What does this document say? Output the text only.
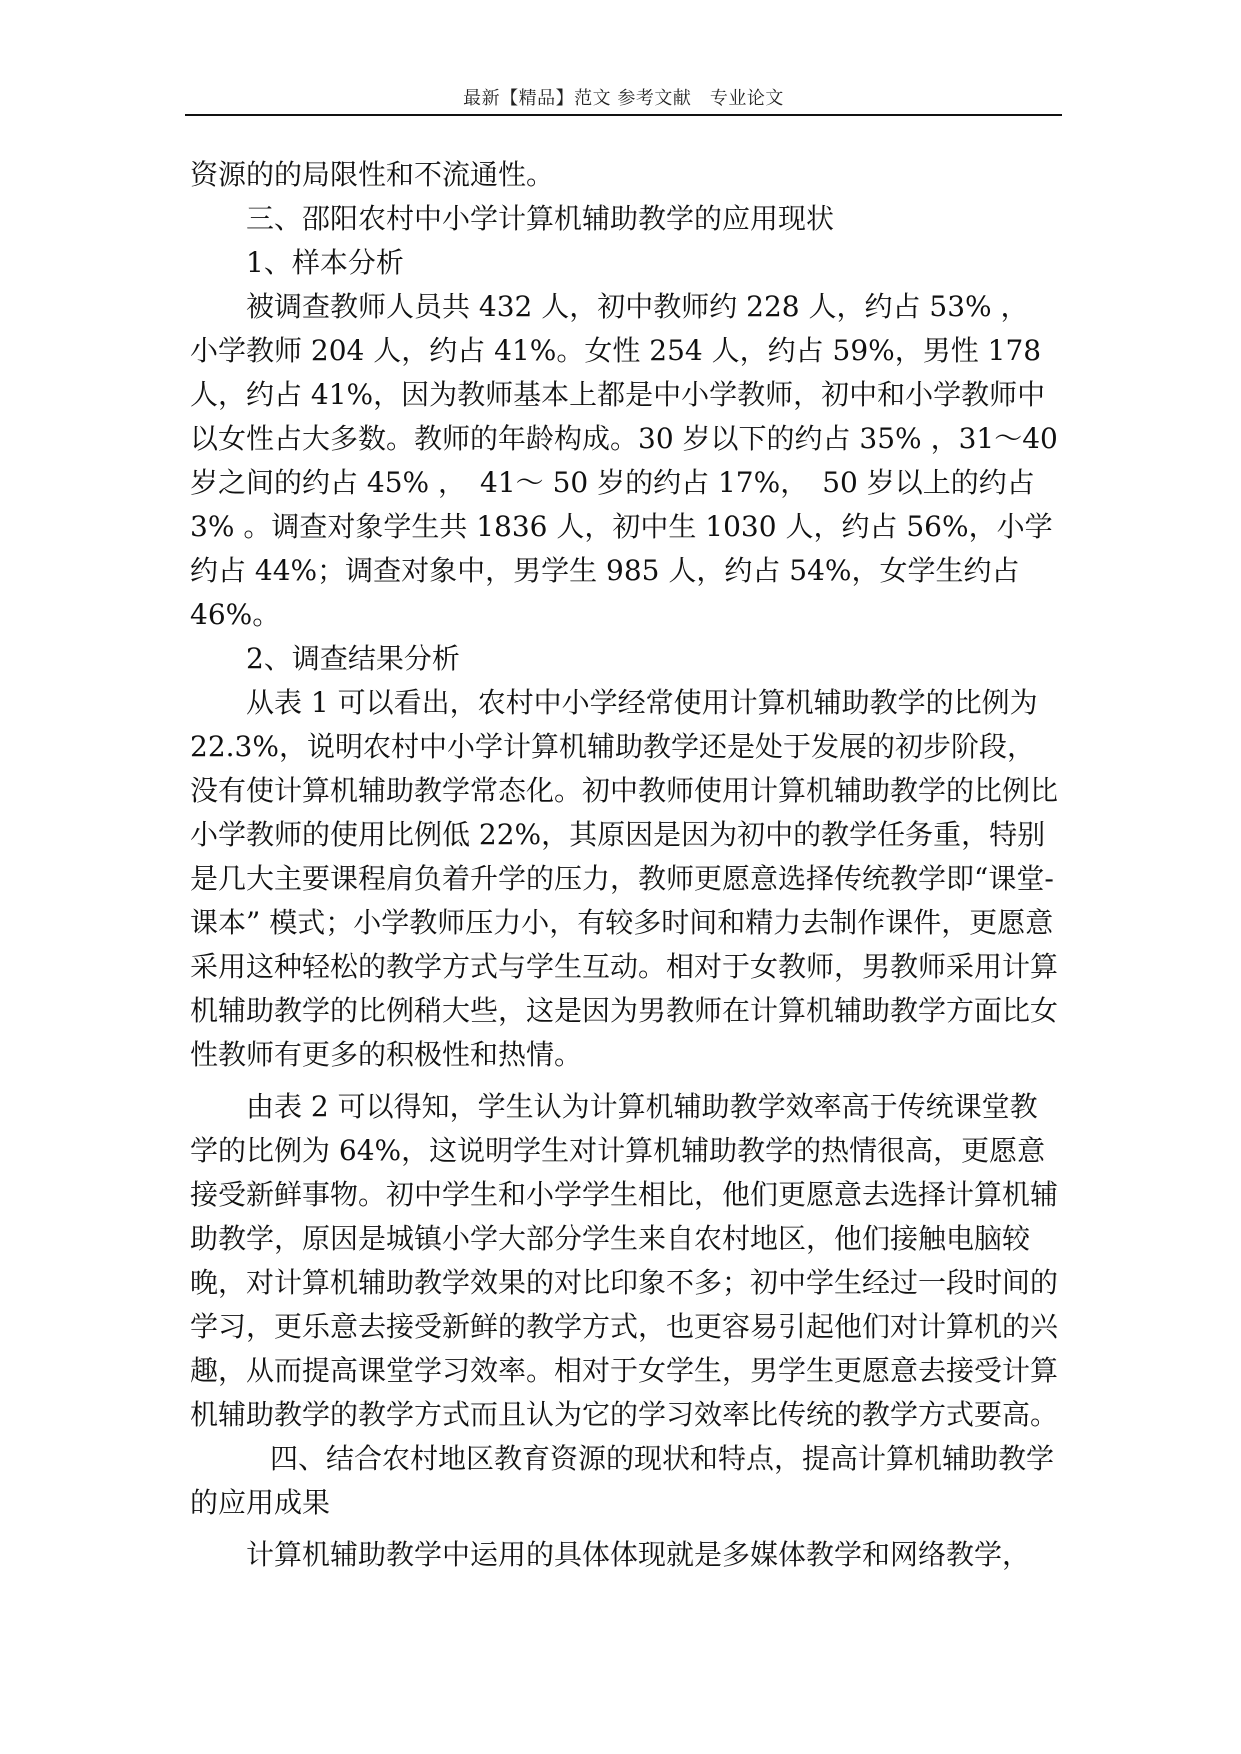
最新【精品】范文 参考文献　专业论文

资源的的局限性和不流通性。

三、邵阳农村中小学计算机辅助教学的应用现状

1、样本分析

被调查教师人员共 432 人，初中教师约 228 人，约占 53% ，　小学教师 204 人，约占 41%。女性 254 人，约占 59%，男性 178 人，约占 41%，因为教师基本上都是中小学教师，初中和小学教师中以女性占大多数。教师的年龄构成。30 岁以下的约占 35% ，31～40 岁之间的约占 45% ，　41～ 50 岁的约占 17%，　50 岁以上的约占 3% 。调查对象学生共 1836 人，初中生 1030 人，约占 56%，小学约占 44%；调查对象中，男学生 985 人，约占 54%，女学生约占 46%。

2、调查结果分析

从表 1 可以看出，农村中小学经常使用计算机辅助教学的比例为 22.3%，说明农村中小学计算机辅助教学还是处于发展的初步阶段，没有使计算机辅助教学常态化。初中教师使用计算机辅助教学的比例比小学教师的使用比例低 22%，其原因是因为初中的教学任务重，特别是几大主要课程肩负着升学的压力，教师更愿意选择传统教学即“课堂-课本” 模式；小学教师压力小，有较多时间和精力去制作课件，更愿意采用这种轻松的教学方式与学生互动。相对于女教师，男教师采用计算机辅助教学的比例稍大些，这是因为男教师在计算机辅助教学方面比女性教师有更多的积极性和热情。

由表 2 可以得知，学生认为计算机辅助教学效率高于传统课堂教学的比例为 64%，这说明学生对计算机辅助教学的热情很高，更愿意接受新鲜事物。初中学生和小学学生相比，他们更愿意去选择计算机辅助教学，原因是城镇小学大部分学生来自农村地区，他们接触电脑较晚，对计算机辅助教学效果的对比印象不多；初中学生经过一段时间的学习，更乐意去接受新鲜的教学方式，也更容易引起他们对计算机的兴趣，从而提高课堂学习效率。相对于女学生，男学生更愿意去接受计算机辅助教学的教学方式而且认为它的学习效率比传统的教学方式要高。四、结合农村地区教育资源的现状和特点，提高计算机辅助教学的应用成果

计算机辅助教学中运用的具体体现就是多媒体教学和网络教学，
